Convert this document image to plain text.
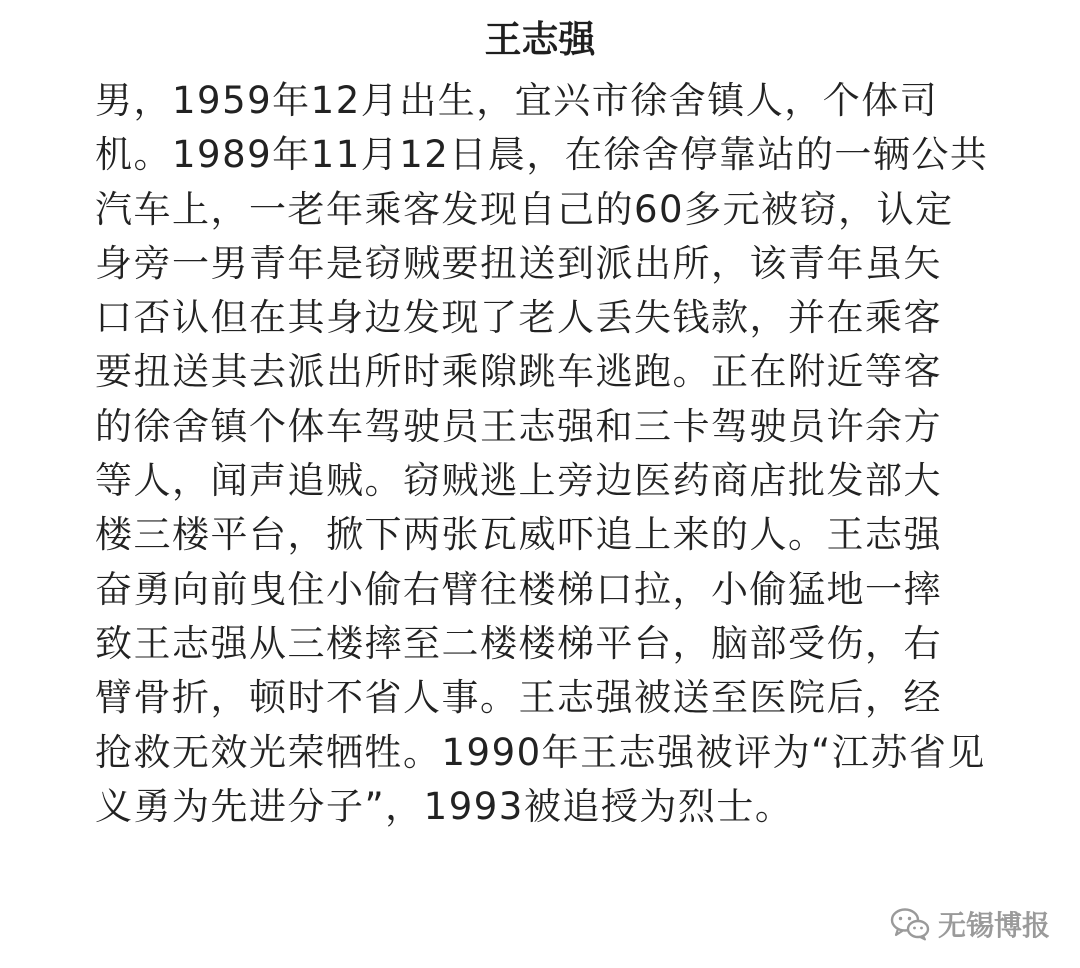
王志强
男，1959年12月出生，宜兴市徐舍镇人，个体司
机。1989年11月12日晨，在徐舍停靠站的一辆公共
汽车上，一老年乘客发现自己的60多元被窃，认定
身旁一男青年是窃贼要扭送到派出所，该青年虽矢
口否认但在其身边发现了老人丢失钱款，并在乘客
要扭送其去派出所时乘隙跳车逃跑。正在附近等客
的徐舍镇个体车驾驶员王志强和三卡驾驶员许余方
等人，闻声追贼。窃贼逃上旁边医药商店批发部大
楼三楼平台，掀下两张瓦威吓追上来的人。王志强
奋勇向前曳住小偷右臂往楼梯口拉，小偷猛地一摔
致王志强从三楼摔至二楼楼梯平台，脑部受伤，右
臂骨折，顿时不省人事。王志强被送至医院后，经
抢救无效光荣牺牲。1990年王志强被评为“江苏省见
义勇为先进分子”，1993被追授为烈士。
无锡博报
